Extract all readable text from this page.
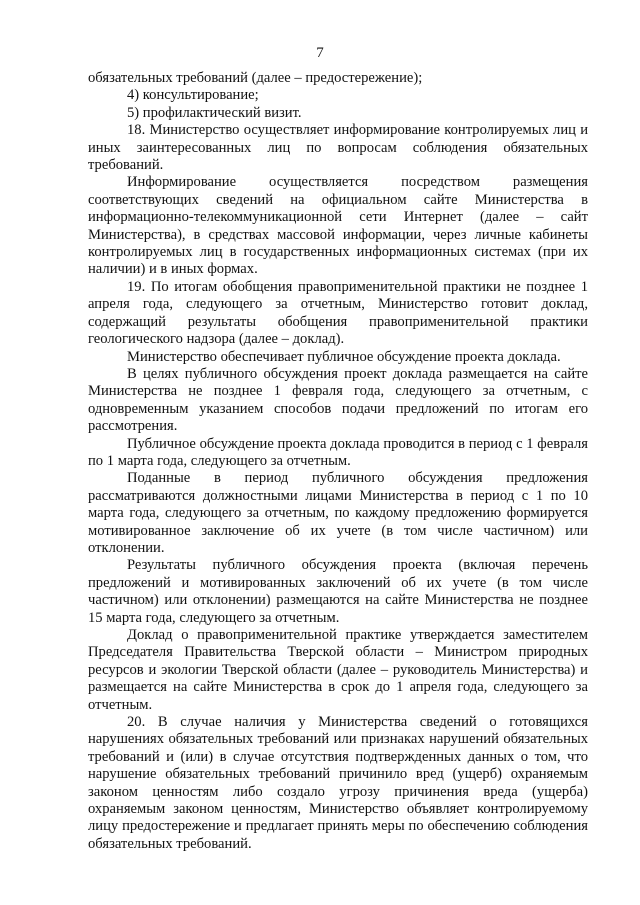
7

обязательных требований (далее – предостережение);

4) консультирование;

5) профилактический визит.

18. Министерство осуществляет информирование контролируемых лиц и иных заинтересованных лиц по вопросам соблюдения обязательных требований.

Информирование осуществляется посредством размещения соответствующих сведений на официальном сайте Министерства в информационно-телекоммуникационной сети Интернет (далее – сайт Министерства), в средствах массовой информации, через личные кабинеты контролируемых лиц в государственных информационных системах (при их наличии) и в иных формах.

19. По итогам обобщения правоприменительной практики не позднее 1 апреля года, следующего за отчетным, Министерство готовит доклад, содержащий результаты обобщения правоприменительной практики геологического надзора (далее – доклад).

Министерство обеспечивает публичное обсуждение проекта доклада.

В целях публичного обсуждения проект доклада размещается на сайте Министерства не позднее 1 февраля года, следующего за отчетным, с одновременным указанием способов подачи предложений по итогам его рассмотрения.

Публичное обсуждение проекта доклада проводится в период с 1 февраля по 1 марта года, следующего за отчетным.

Поданные в период публичного обсуждения предложения рассматриваются должностными лицами Министерства в период с 1 по 10 марта года, следующего за отчетным, по каждому предложению формируется мотивированное заключение об их учете (в том числе частичном) или отклонении.

Результаты публичного обсуждения проекта (включая перечень предложений и мотивированных заключений об их учете (в том числе частичном) или отклонении) размещаются на сайте Министерства не позднее 15 марта года, следующего за отчетным.

Доклад о правоприменительной практике утверждается заместителем Председателя Правительства Тверской области – Министром природных ресурсов и экологии Тверской области (далее – руководитель Министерства) и размещается на сайте Министерства в срок до 1 апреля года, следующего за отчетным.

20. В случае наличия у Министерства сведений о готовящихся нарушениях обязательных требований или признаках нарушений обязательных требований и (или) в случае отсутствия подтвержденных данных о том, что нарушение обязательных требований причинило вред (ущерб) охраняемым законом ценностям либо создало угрозу причинения вреда (ущерба) охраняемым законом ценностям, Министерство объявляет контролируемому лицу предостережение и предлагает принять меры по обеспечению соблюдения обязательных требований.
